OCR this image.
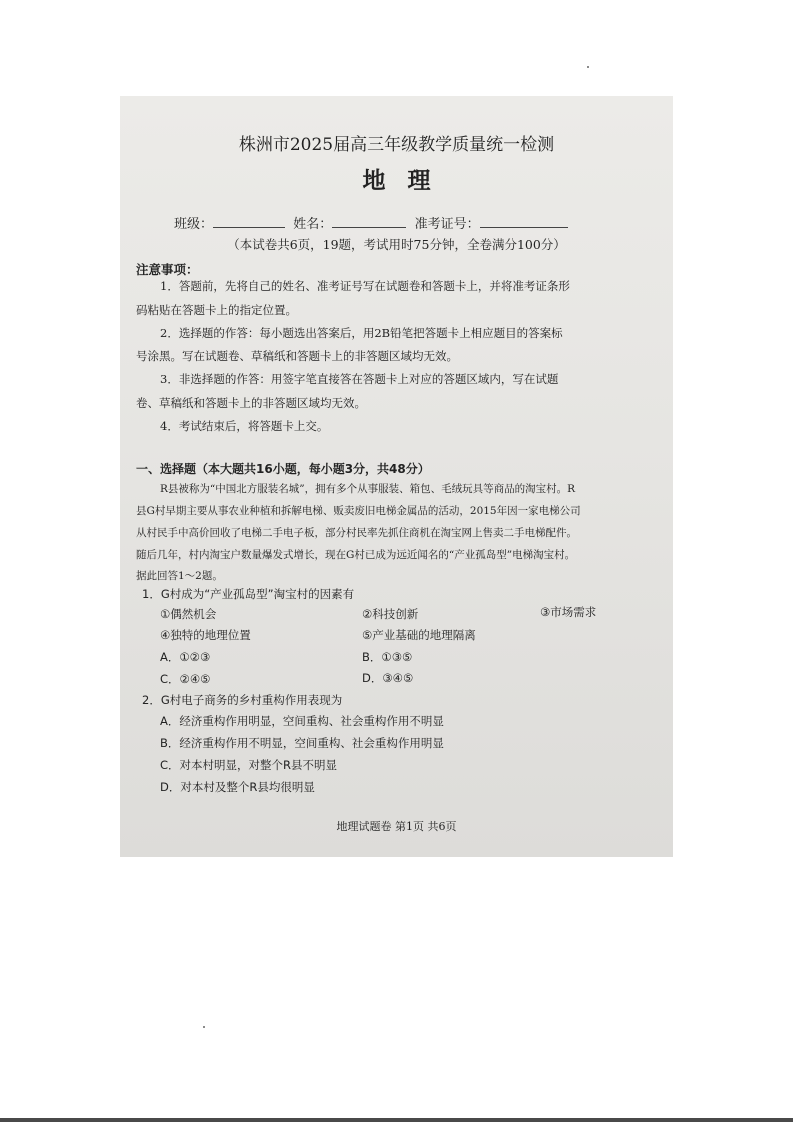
株洲市2025届高三年级教学质量统一检测
地理
班级：	姓名：	准考证号：
（本试卷共6页，19题，考试用时75分钟，全卷满分100分）
注意事项：
1．答题前，先将自己的姓名、准考证号写在试题卷和答题卡上，并将准考证条形
码粘贴在答题卡上的指定位置。
2．选择题的作答：每小题选出答案后，用2B铅笔把答题卡上相应题目的答案标
号涂黑。写在试题卷、草稿纸和答题卡上的非答题区域均无效。
3．非选择题的作答：用签字笔直接答在答题卡上对应的答题区域内，写在试题
卷、草稿纸和答题卡上的非答题区域均无效。
4．考试结束后，将答题卡上交。
一、选择题（本大题共16小题，每小题3分，共48分）
R县被称为“中国北方服装名城”，拥有多个从事服装、箱包、毛绒玩具等商品的淘宝村。R
县G村早期主要从事农业种植和拆解电梯、贩卖废旧电梯金属品的活动，2015年因一家电梯公司
从村民手中高价回收了电梯二手电子板，部分村民率先抓住商机在淘宝网上售卖二手电梯配件。
随后几年，村内淘宝户数量爆发式增长，现在G村已成为远近闻名的“产业孤岛型”电梯淘宝村。
据此回答1～2题。
1．G村成为“产业孤岛型”淘宝村的因素有
①偶然机会	②科技创新	③市场需求
④独特的地理位置	⑤产业基础的地理隔离
A．①②③	B．①③⑤
C．②④⑤	D．③④⑤
2．G村电子商务的乡村重构作用表现为
A．经济重构作用明显，空间重构、社会重构作用不明显
B．经济重构作用不明显，空间重构、社会重构作用明显
C．对本村明显，对整个R县不明显
D．对本村及整个R县均很明显
地理试题卷 第1页 共6页
